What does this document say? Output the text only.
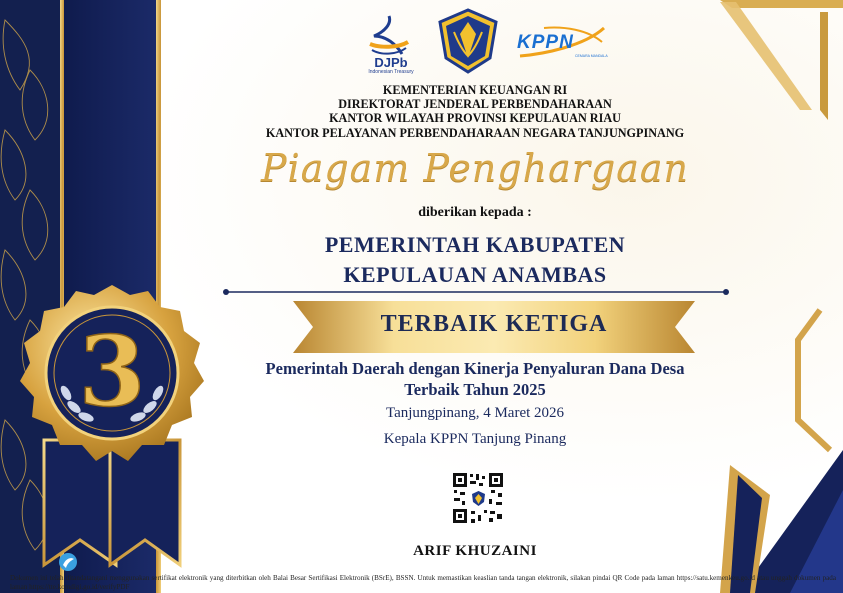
3
DJPb
Indonesian Treasury
KPPN
CEMARA MANDALA
KEMENTERIAN KEUANGAN RI
DIREKTORAT JENDERAL PERBENDAHARAAN
KANTOR WILAYAH PROVINSI KEPULAUAN RIAU
KANTOR PELAYANAN PERBENDAHARAAN NEGARA TANJUNGPINANG
Piagam Penghargaan
diberikan kepada :
PEMERINTAH KABUPATEN
KEPULAUAN ANAMBAS
TERBAIK KETIGA
Pemerintah Daerah dengan Kinerja Penyaluran Dana Desa
Terbaik Tahun 2025
Tanjungpinang, 4 Maret 2026
Kepala KPPN Tanjung Pinang
ARIF KHUZAINI
Dokumen ini telah ditandatangani menggunakan sertifikat elektronik yang diterbitkan oleh Balai Besar Sertifikasi Elektronik (BSrE), BSSN. Untuk memastikan keaslian tanda tangan elektronik, silakan pindai QR Code pada laman https://satu.kemenkeu.go.id atau unggah dokumen pada laman https://tte.komdigi.go.id/verifyPDF
